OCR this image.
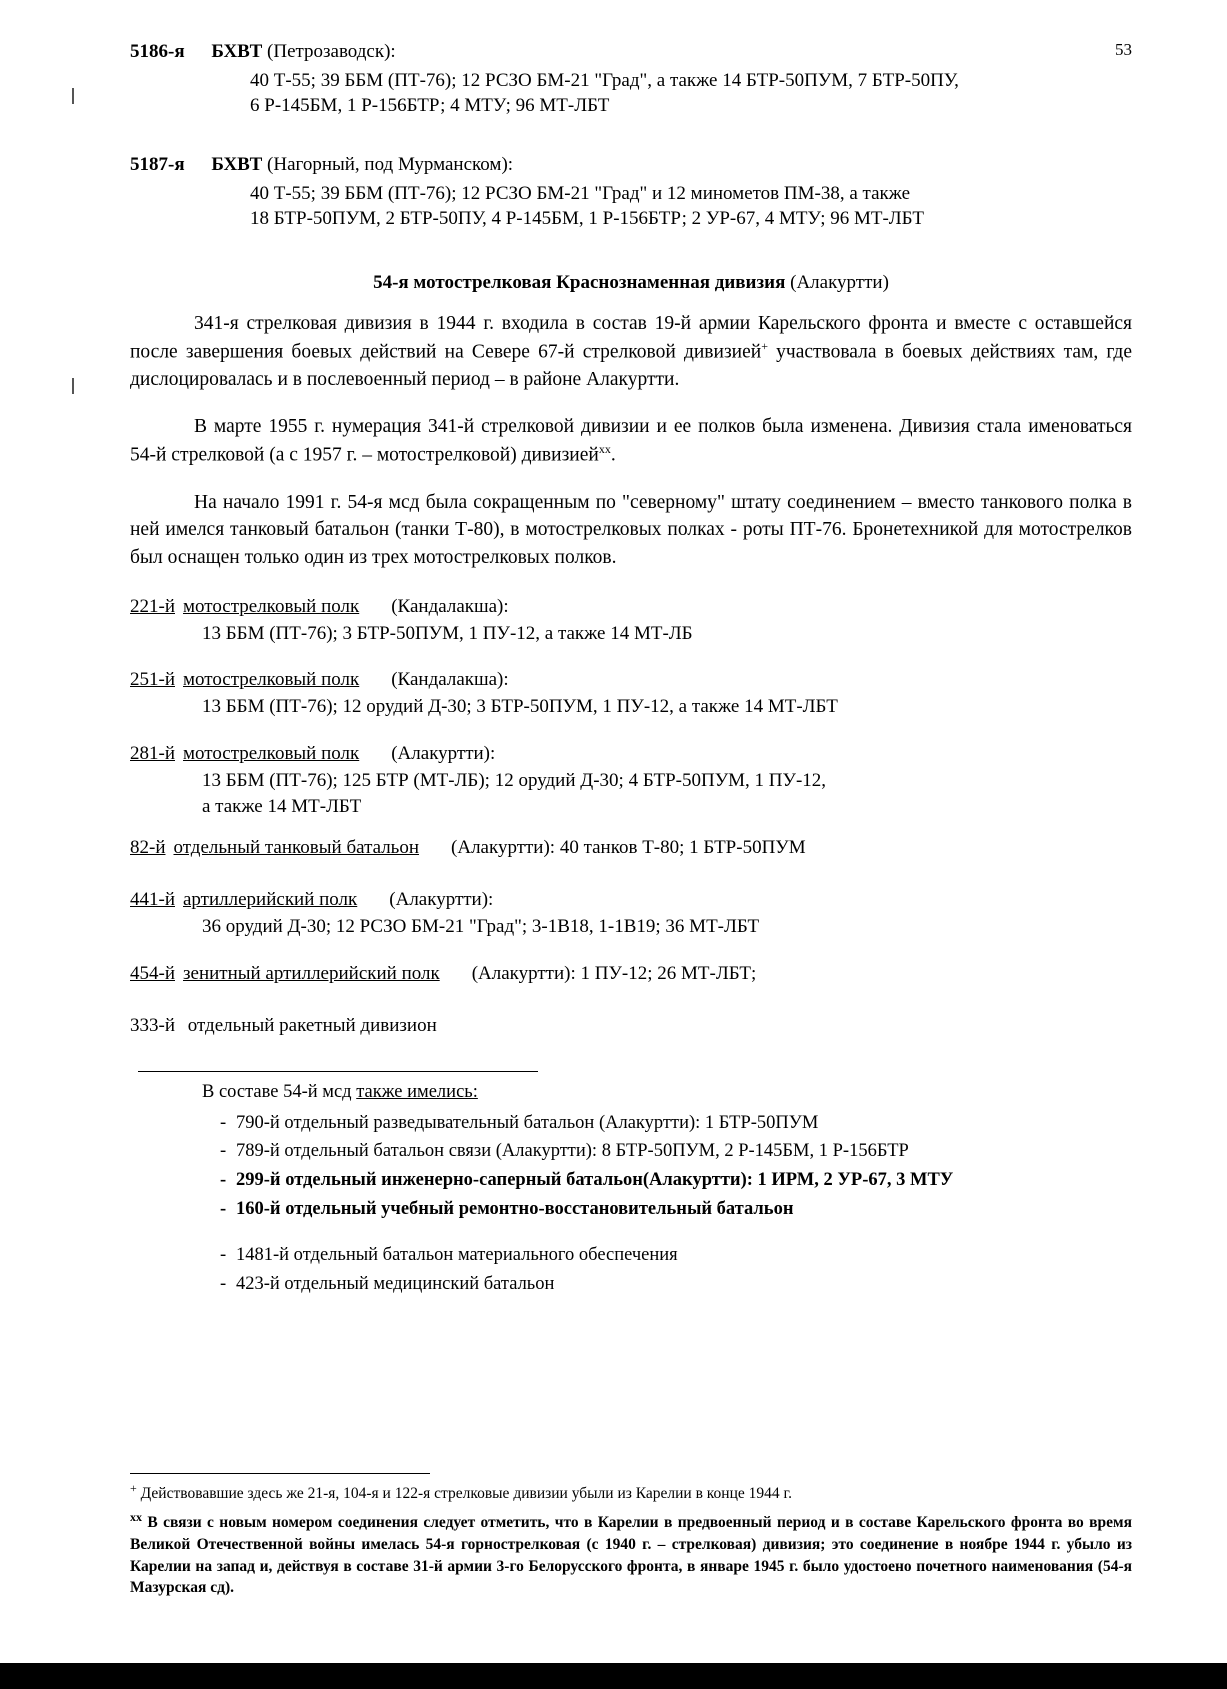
53
5186-я БХВТ (Петрозаводск):
40 Т-55; 39 ББМ (ПТ-76); 12 РСЗО БМ-21 "Град", а также 14 БТР-50ПУМ, 7 БТР-50ПУ,
6 Р-145БМ, 1 Р-156БТР; 4 МТУ; 96 МТ-ЛБТ
5187-я БХВТ (Нагорный, под Мурманском):
40 Т-55; 39 ББМ (ПТ-76); 12 РСЗО БМ-21 "Град" и 12 минометов ПМ-38, а также
18 БТР-50ПУМ, 2 БТР-50ПУ, 4 Р-145БМ, 1 Р-156БТР; 2 УР-67, 4 МТУ; 96 МТ-ЛБТ
54-я мотострелковая Краснознаменная дивизия (Алакуртти)

341-я стрелковая дивизия в 1944 г. входила в состав 19-й армии Карельского фронта и вместе с оставшейся после завершения боевых действий на Севере 67-й стрелковой дивизией+ участвовала в боевых действиях там, где дислоцировалась и в послевоенный период – в районе Алакуртти.

В марте 1955 г. нумерация 341-й стрелковой дивизии и ее полков была изменена. Дивизия стала именоваться 54-й стрелковой (а с 1957 г. – мотострелковой) дивизией$^{хх}$.

На начало 1991 г. 54-я мсд была сокращенным по "северному" штату соединением – вместо танкового полка в ней имелся танковый батальон (танки Т-80), в мотострелковых полках - роты ПТ-76. Бронетехникой для мотострелков был оснащен только один из трех мотострелковых полков.

221-й мотострелковый полк (Кандалакша):
13 ББМ (ПТ-76); 3 БТР-50ПУМ, 1 ПУ-12, а также 14 МТ-ЛБ
251-й мотострелковый полк (Кандалакша):
13 ББМ (ПТ-76); 12 орудий Д-30; 3 БТР-50ПУМ, 1 ПУ-12, а также 14 МТ-ЛБТ
281-й мотострелковый полк (Алакуртти):
13 ББМ (ПТ-76); 125 БТР (МТ-ЛБ); 12 орудий Д-30; 4 БТР-50ПУМ, 1 ПУ-12,
а также 14 МТ-ЛБТ
82-й отдельный танковый батальон (Алакуртти): 40 танков Т-80; 1 БТР-50ПУМ
441-й артиллерийский полк (Алакуртти):
36 орудий Д-30; 12 РСЗО БМ-21 "Град"; 3-1В18, 1-1В19; 36 МТ-ЛБТ
454-й зенитный артиллерийский полк (Алакуртти): 1 ПУ-12; 26 МТ-ЛБТ;
333-й отдельный ракетный дивизион
В составе 54-й мсд также имелись:
- 790-й отдельный разведывательный батальон (Алакуртти): 1 БТР-50ПУМ
- 789-й отдельный батальон связи (Алакуртти): 8 БТР-50ПУМ, 2 Р-145БМ, 1 Р-156БТР
- 299-й отдельный инженерно-саперный батальон(Алакуртти): 1 ИРМ, 2 УР-67, 3 МТУ
- 160-й отдельный учебный ремонтно-восстановительный батальон
- 1481-й отдельный батальон материального обеспечения
- 423-й отдельный медицинский батальон
+ Действовавшие здесь же 21-я, 104-я и 122-я стрелковые дивизии убыли из Карелии в конце 1944 г.
$^{хх}$ В связи с новым номером соединения следует отметить, что в Карелии в предвоенный период и в составе Карельского фронта во время Великой Отечественной войны имелась 54-я горнострелковая (с 1940 г. – стрелковая) дивизия; это соединение в ноябре 1944 г. убыло из Карелии на запад и, действуя в составе 31-й армии 3-го Белорусского фронта, в январе 1945 г. было удостоено почетного наименования (54-я Мазурская сд).
